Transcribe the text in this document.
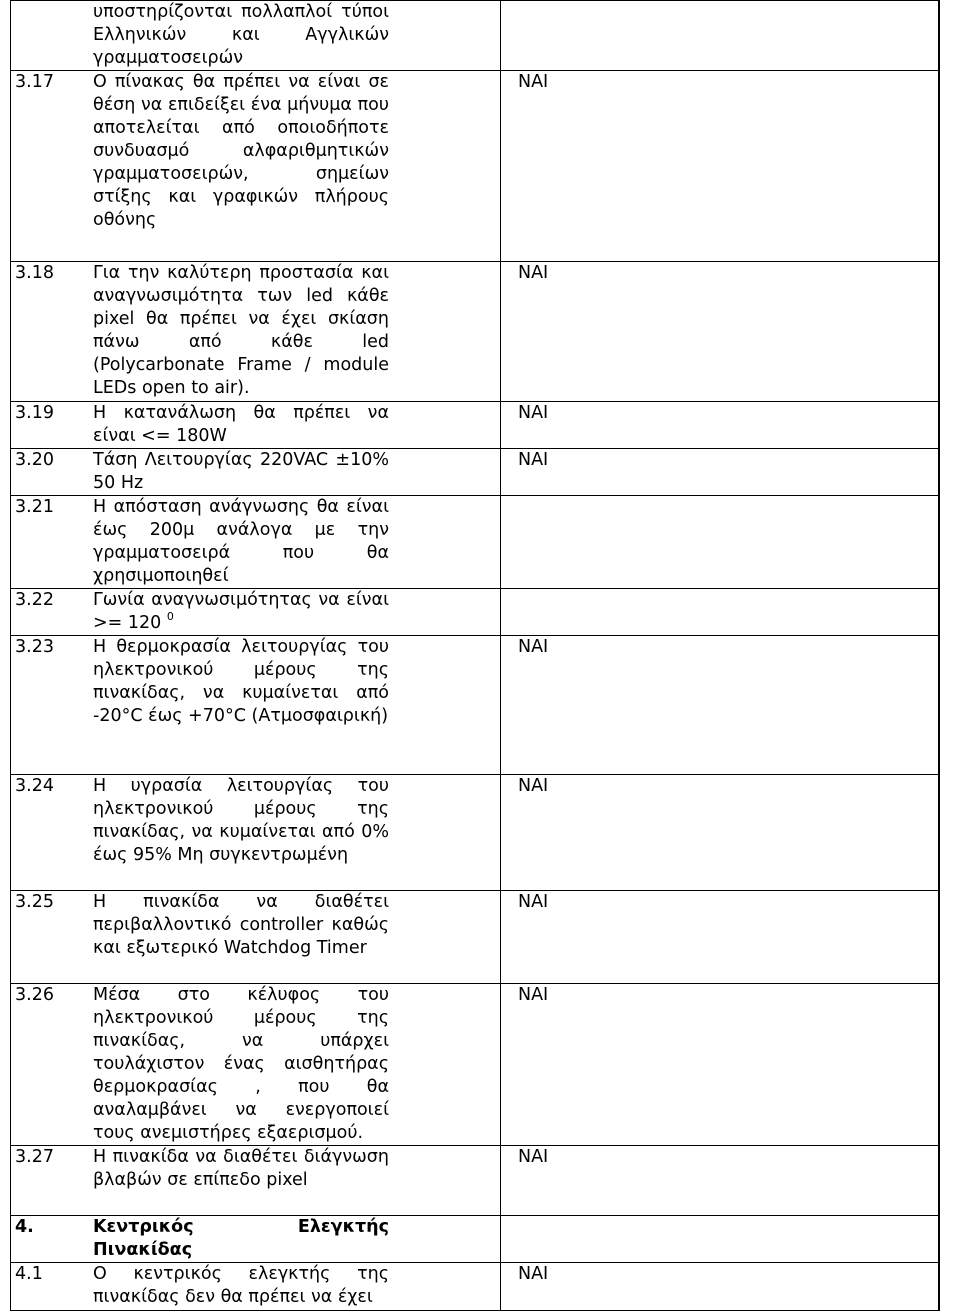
υποστηρίζονται πολλαπλοί τύποι Ελληνικών και Αγγλικών γραμματοσειρών		

3.17 Ο πίνακας θα πρέπει να είναι σε θέση να επιδείξει ένα μήνυμα που αποτελείται από οποιοδήποτε συνδυασμό αλφαριθμητικών γραμματοσειρών, σημείων στίξης και γραφικών πλήρους οθόνης	ΝΑΙ	

3.18 Για την καλύτερη προστασία και αναγνωσιμότητα των led κάθε pixel θα πρέπει να έχει σκίαση πάνω από κάθε led (Polycarbonate Frame / module LEDs open to air).	ΝΑΙ	

3.19 Η κατανάλωση θα πρέπει να είναι <= 180W	ΝΑΙ	

3.20 Τάση Λειτουργίας 220VAC ±10% 50 Hz	ΝΑΙ	

3.21 Η απόσταση ανάγνωσης θα είναι έως 200μ ανάλογα με την γραμματοσειρά που θα χρησιμοποιηθεί		

3.22 Γωνία αναγνωσιμότητας να είναι >= 120 $^0$

3.23 Η θερμοκρασία λειτουργίας του ηλεκτρονικού μέρους της πινακίδας, να κυμαίνεται από -20°C έως +70°C (Ατμοσφαιρική)	ΝΑΙ	

3.24 Η υγρασία λειτουργίας του ηλεκτρονικού μέρους της πινακίδας, να κυμαίνεται από 0% έως 95% Μη συγκεντρωμένη	ΝΑΙ	

3.25 Η πινακίδα να διαθέτει περιβαλλοντικό controller καθώς και εξωτερικό Watchdog Timer	ΝΑΙ	

3.26 Μέσα στο κέλυφος του ηλεκτρονικού μέρους της πινακίδας, να υπάρχει τουλάχιστον ένας αισθητήρας θερμοκρασίας , που θα αναλαμβάνει να ενεργοποιεί τους ανεμιστήρες εξαερισμού.	ΝΑΙ	

3.27 Η πινακίδα να διαθέτει διάγνωση βλαβών σε επίπεδο pixel	ΝΑΙ	

4. Κεντρικός Ελεγκτής Πινακίδας		

4.1 Ο κεντρικός ελεγκτής της πινακίδας δεν θα πρέπει να έχει	ΝΑΙ	
